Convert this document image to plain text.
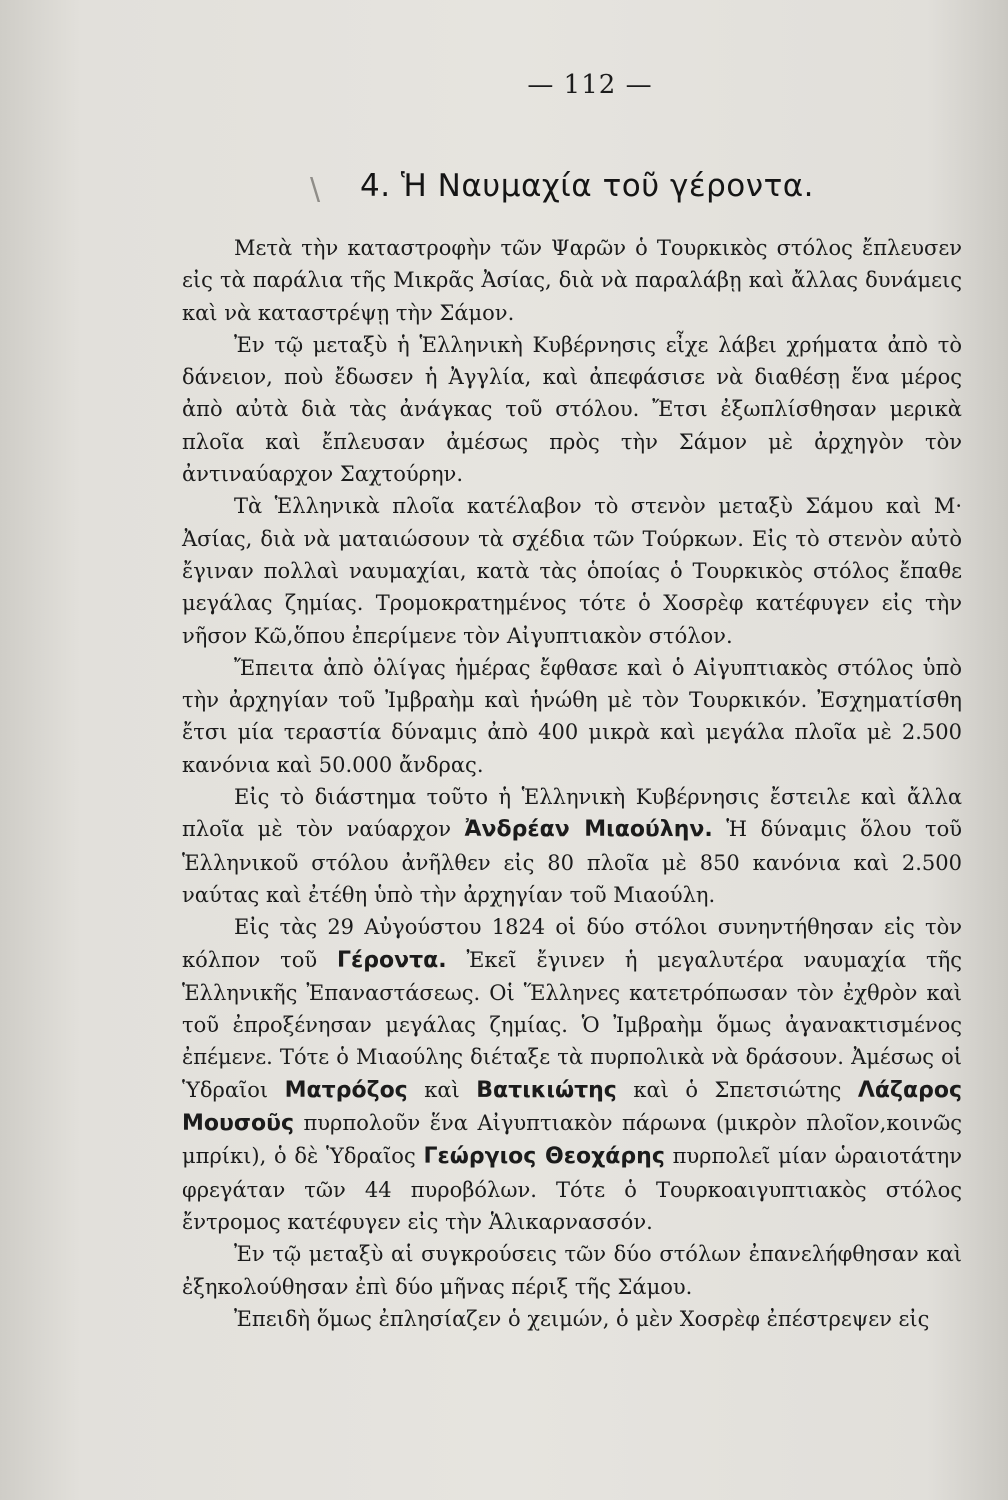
\
— 112 —
4. Ἡ Ναυμαχία τοῦ γέροντα.

Μετὰ τὴν καταστροφὴν τῶν Ψαρῶν ὁ Τουρκικὸς στόλος ἔπλευσεν εἰς τὰ παράλια τῆς Μικρᾶς Ἀσίας, διὰ νὰ παραλάβῃ καὶ ἄλλας δυνάμεις καὶ νὰ καταστρέψῃ τὴν Σάμον.

Ἐν τῷ μεταξὺ ἡ Ἑλληνικὴ Κυβέρνησις εἶχε λάβει χρήματα ἀπὸ τὸ δάνειον, ποὺ ἔδωσεν ἡ Ἀγγλία, καὶ ἀπεφάσισε νὰ διαθέσῃ ἕνα μέρος ἀπὸ αὐτὰ διὰ τὰς ἀνάγκας τοῦ στόλου. Ἔτσι ἐξωπλίσθησαν μερικὰ πλοῖα καὶ ἔπλευσαν ἀμέσως πρὸς τὴν Σάμον μὲ ἀρχηγὸν τὸν ἀντιναύαρχον Σαχτούρην.

Τὰ Ἑλληνικὰ πλοῖα κατέλαβον τὸ στενὸν μεταξὺ Σάμου καὶ Μ· Ἀσίας, διὰ νὰ ματαιώσουν τὰ σχέδια τῶν Τούρκων. Εἰς τὸ στενὸν αὐτὸ ἔγιναν πολλαὶ ναυμαχίαι, κατὰ τὰς ὁποίας ὁ Τουρκικὸς στόλος ἔπαθε μεγάλας ζημίας. Τρομοκρατημένος τότε ὁ Χοσρὲφ κατέφυγεν εἰς τὴν νῆσον Κῶ,ὅπου ἐπερίμενε τὸν Αἰγυπτιακὸν στόλον.

Ἔπειτα ἀπὸ ὀλίγας ἡμέρας ἔφθασε καὶ ὁ Αἰγυπτιακὸς στόλος ὑπὸ τὴν ἀρχηγίαν τοῦ Ἰμβραὴμ καὶ ἡνώθη μὲ τὸν Τουρκικόν. Ἐσχηματίσθη ἔτσι μία τεραστία δύναμις ἀπὸ 400 μικρὰ καὶ μεγάλα πλοῖα μὲ 2.500 κανόνια καὶ 50.000 ἄνδρας.

Εἰς τὸ διάστημα τοῦτο ἡ Ἑλληνικὴ Κυβέρνησις ἔστειλε καὶ ἄλλα πλοῖα μὲ τὸν ναύαρχον Ἀνδρέαν Μιαούλην. Ἡ δύναμις ὅλου τοῦ Ἑλληνικοῦ στόλου ἀνῆλθεν εἰς 80 πλοῖα μὲ 850 κανόνια καὶ 2.500 ναύτας καὶ ἐτέθη ὑπὸ τὴν ἀρχηγίαν τοῦ Μιαούλη.

Εἰς τὰς 29 Αὐγούστου 1824 οἱ δύο στόλοι συνηντήθησαν εἰς τὸν κόλπον τοῦ Γέροντα. Ἐκεῖ ἔγινεν ἡ μεγαλυτέρα ναυμαχία τῆς Ἑλληνικῆς Ἐπαναστάσεως. Οἱ Ἕλληνες κατετρόπωσαν τὸν ἐχθρὸν καὶ τοῦ ἐπροξένησαν μεγάλας ζημίας. Ὁ Ἰμβραὴμ ὅμως ἀγανακτισμένος ἐπέμενε. Τότε ὁ Μιαούλης διέταξε τὰ πυρπολικὰ νὰ δράσουν. Ἀμέσως οἱ Ὑδραῖοι Ματρόζος καὶ Βατικιώτης καὶ ὁ Σπετσιώτης Λάζαρος Μουσοῦς πυρπολοῦν ἕνα Αἰγυπτιακὸν πάρωνα (μικρὸν πλοῖον,κοινῶς μπρίκι), ὁ δὲ Ὑδραῖος Γεώργιος Θεοχάρης πυρπολεῖ μίαν ὡραιοτάτην φρεγάταν τῶν 44 πυροβόλων. Τότε ὁ Τουρκοαιγυπτιακὸς στόλος ἔντρομος κατέφυγεν εἰς τὴν Ἁλικαρνασσόν.

Ἐν τῷ μεταξὺ αἱ συγκρούσεις τῶν δύο στόλων ἐπανελήφθησαν καὶ ἐξηκολούθησαν ἐπὶ δύο μῆνας πέριξ τῆς Σάμου.

Ἐπειδὴ ὅμως ἐπλησίαζεν ὁ χειμών, ὁ μὲν Χοσρὲφ ἐπέστρεψεν εἰς
